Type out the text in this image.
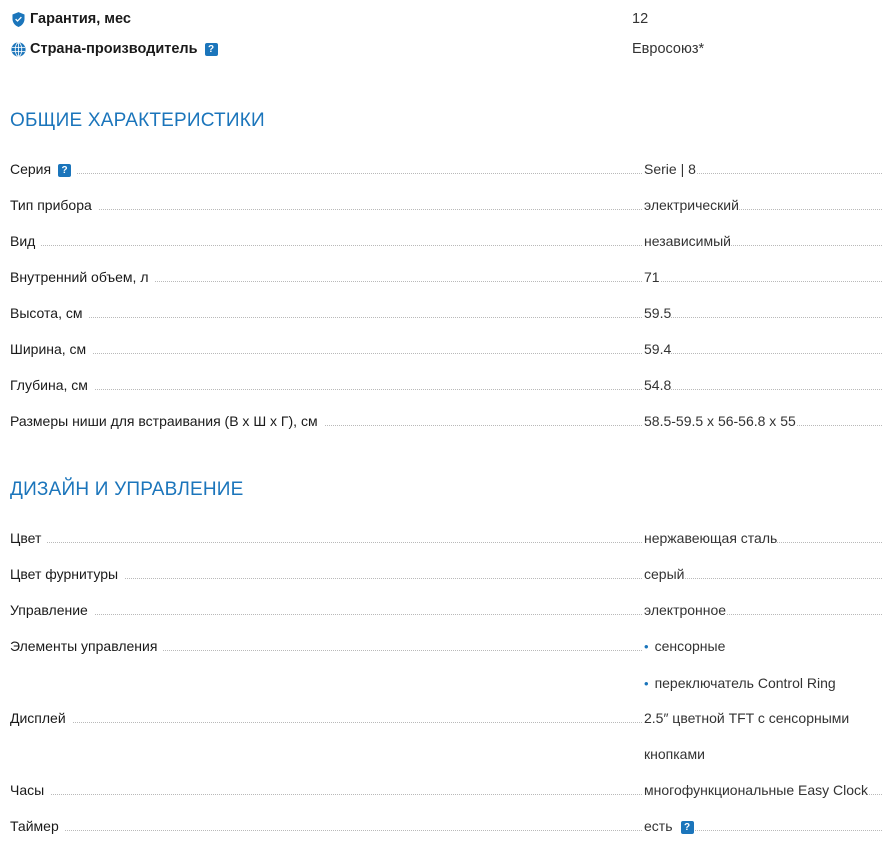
Гарантия, мес	12
Страна-производитель	?	Евросоюз*
ОБЩИЕ ХАРАКТЕРИСТИКИ
Серия ?	Serie | 8
Тип прибора	электрический
Вид	независимый
Внутренний объем, л	71
Высота, см	59.5
Ширина, см	59.4
Глубина, см	54.8
Размеры ниши для встраивания (В х Ш х Г), см	58.5-59.5 x 56-56.8 x 55
ДИЗАЙН И УПРАВЛЕНИЕ
Цвет	нержавеющая сталь
Цвет фурнитуры	серый
Управление	электронное
Элементы управления	• сенсорные
• переключатель Control Ring
Дисплей	2.5″ цветной TFT с сенсорными
кнопками
Часы	многофункциональные Easy Clock
Таймер	есть ?
